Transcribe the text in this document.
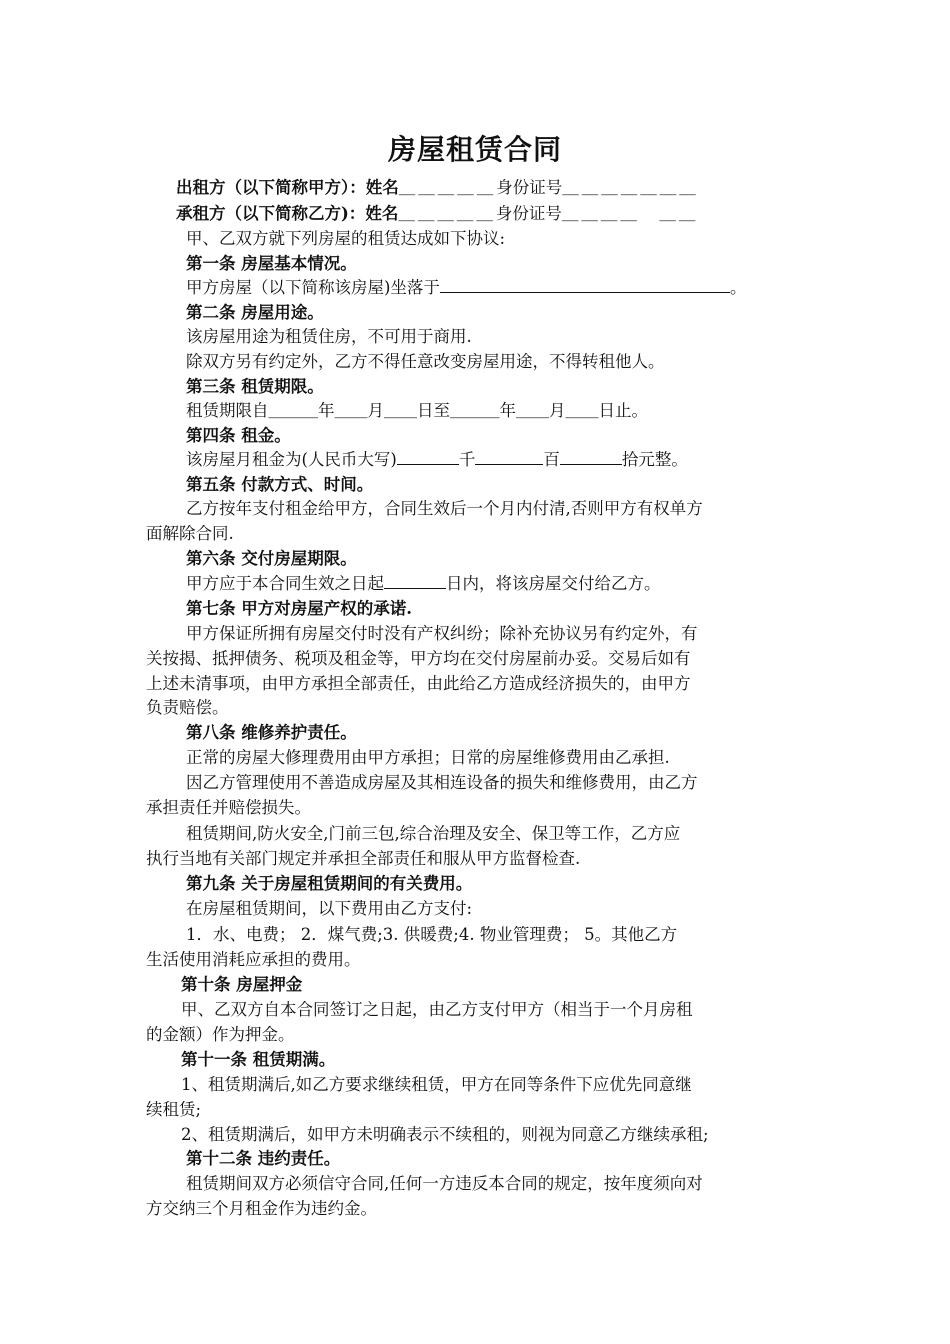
房屋租赁合同
出租方（以下简称甲方）：姓名＿＿＿＿＿身份证号＿＿＿＿＿＿＿
承租方（以下简称乙方)：姓名＿＿＿＿＿身份证号＿＿＿＿　＿＿
甲、乙双方就下列房屋的租赁达成如下协议:
第一条 房屋基本情况。
甲方房屋（以下简称该房屋)坐落于	。
第二条 房屋用途。
该房屋用途为租赁住房，不可用于商用.
除双方另有约定外，乙方不得任意改变房屋用途，不得转租他人。
第三条 租赁期限。
租赁期限自＿＿＿年＿＿月＿＿日至＿＿＿年＿＿月＿＿日止。
第四条 租金。
该房屋月租金为(人民币大写)	千	百	拾元整。
第五条 付款方式、时间。
乙方按年支付租金给甲方，合同生效后一个月内付清,否则甲方有权单方
面解除合同.
第六条 交付房屋期限。
甲方应于本合同生效之日起	日内，将该房屋交付给乙方。
第七条 甲方对房屋产权的承诺.
甲方保证所拥有房屋交付时没有产权纠纷；除补充协议另有约定外，有
关按揭、抵押债务、税项及租金等，甲方均在交付房屋前办妥。交易后如有
上述未清事项，由甲方承担全部责任，由此给乙方造成经济损失的，由甲方
负责赔偿。
第八条 维修养护责任。
正常的房屋大修理费用由甲方承担；日常的房屋维修费用由乙承担.
因乙方管理使用不善造成房屋及其相连设备的损失和维修费用，由乙方
承担责任并赔偿损失。
租赁期间,防火安全,门前三包,综合治理及安全、保卫等工作，乙方应
执行当地有关部门规定并承担全部责任和服从甲方监督检查.
第九条 关于房屋租赁期间的有关费用。
在房屋租赁期间，以下费用由乙方支付:
1．水、电费； 2．煤气费;3. 供暖费;4. 物业管理费； 5。其他乙方
生活使用消耗应承担的费用。
第十条 房屋押金
甲、乙双方自本合同签订之日起，由乙方支付甲方（相当于一个月房租
的金额）作为押金。
第十一条 租赁期满。
1、租赁期满后,如乙方要求继续租赁，甲方在同等条件下应优先同意继
续租赁;
2、租赁期满后，如甲方未明确表示不续租的，则视为同意乙方继续承租;
第十二条 违约责任。
租赁期间双方必须信守合同,任何一方违反本合同的规定，按年度须向对
方交纳三个月租金作为违约金。
